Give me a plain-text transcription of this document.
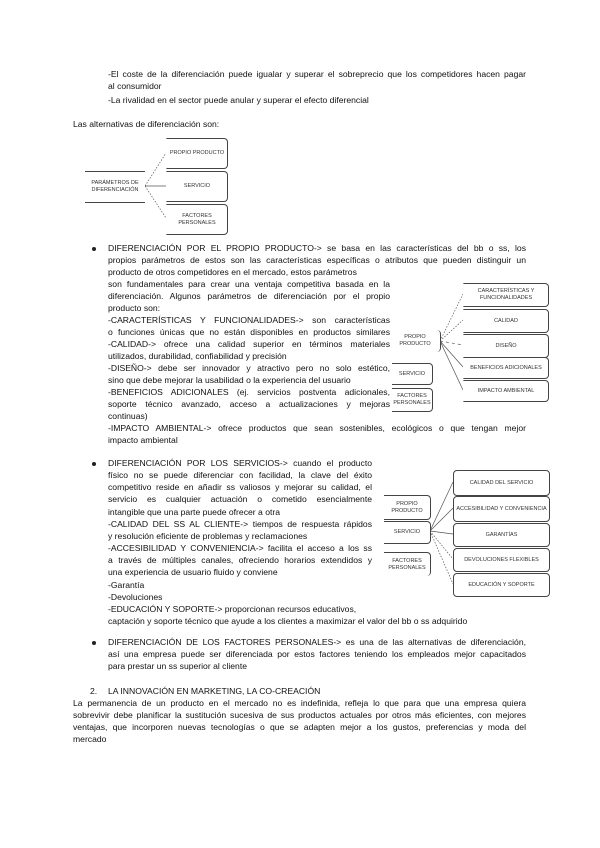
-El coste de la diferenciación puede igualar y superar el sobreprecio que los competidores hacen pagar
al consumidor
-La rivalidad en el sector puede anular y superar el efecto diferencial
Las alternativas de diferenciación son:
PARÁMETROS DE DIFERENCIACIÓN
PROPIO PRODUCTO
SERVICIO
FACTORES PERSONALES
DIFERENCIACIÓN POR EL PROPIO PRODUCTO-> se basa en las características del bb o ss, los
propios parámetros de estos son las características específicas o atributos que pueden distinguir un
producto de otros competidores en el mercado, estos parámetros
son fundamentales para crear una ventaja competitiva basada en la
diferenciación. Algunos parámetros de diferenciación por el propio
producto son:
-CARACTERÍSTICAS Y FUNCIONALIDADES-> son características
o funciones únicas que no están disponibles en productos similares
-CALIDAD-> ofrece una calidad superior en términos materiales
utilizados, durabilidad, confiabilidad y precisión
-DISEÑO-> debe ser innovador y atractivo pero no solo estético,
sino que debe mejorar la usabilidad o la experiencia del usuario
-BENEFICIOS ADICIONALES (ej. servicios postventa adicionales,
soporte técnico avanzado, acceso a actualizaciones y mejoras
continuas)
-IMPACTO AMBIENTAL-> ofrece productos que sean sostenibles, ecológicos o que tengan mejor
impacto ambiental
PROPIO PRODUCTO
SERVICIO
FACTORES PERSONALES
CARACTERÍSTICAS Y FUNCIONALIDADES
CALIDAD
DISEÑO
BENEFICIOS ADICIONALES
IMPACTO AMBIENTAL
DIFERENCIACIÓN POR LOS SERVICIOS-> cuando el producto
físico no se puede diferenciar con facilidad, la clave del éxito
competitivo reside en añadir ss valiosos y mejorar su calidad, el
servicio es cualquier actuación o cometido esencialmente
intangible que una parte puede ofrecer a otra
-CALIDAD DEL SS AL CLIENTE-> tiempos de respuesta rápidos
y resolución eficiente de problemas y reclamaciones
-ACCESIBILIDAD Y CONVENIENCIA-> facilita el acceso a los ss
a través de múltiples canales, ofreciendo horarios extendidos y
una experiencia de usuario fluido y conviene
-Garantía
-Devoluciones
-EDUCACIÓN Y SOPORTE-> proporcionan recursos educativos,
captación y soporte técnico que ayude a los clientes a maximizar el valor del bb o ss adquirido
PROPIO PRODUCTO
SERVICIO
FACTORES PERSONALES
CALIDAD DEL SERVICIO
ACCESIBILIDAD Y CONVENIENCIA
GARANTÍAS
DEVOLUCIONES FLEXIBLES
EDUCACIÓN Y SOPORTE
DIFERENCIACIÓN DE LOS FACTORES PERSONALES-> es una de las alternativas de diferenciación,
así una empresa puede ser diferenciada por estos factores teniendo los empleados mejor capacitados
para prestar un ss superior al cliente
2. LA INNOVACIÓN EN MARKETING, LA CO-CREACIÓN
La permanencia de un producto en el mercado no es indefinida, refleja lo que para que una empresa quiera
sobrevivir debe planificar la sustitución sucesiva de sus productos actuales por otros más eficientes, con mejores
ventajas, que incorporen nuevas tecnologías o que se adapten mejor a los gustos, preferencias y moda del
mercado
